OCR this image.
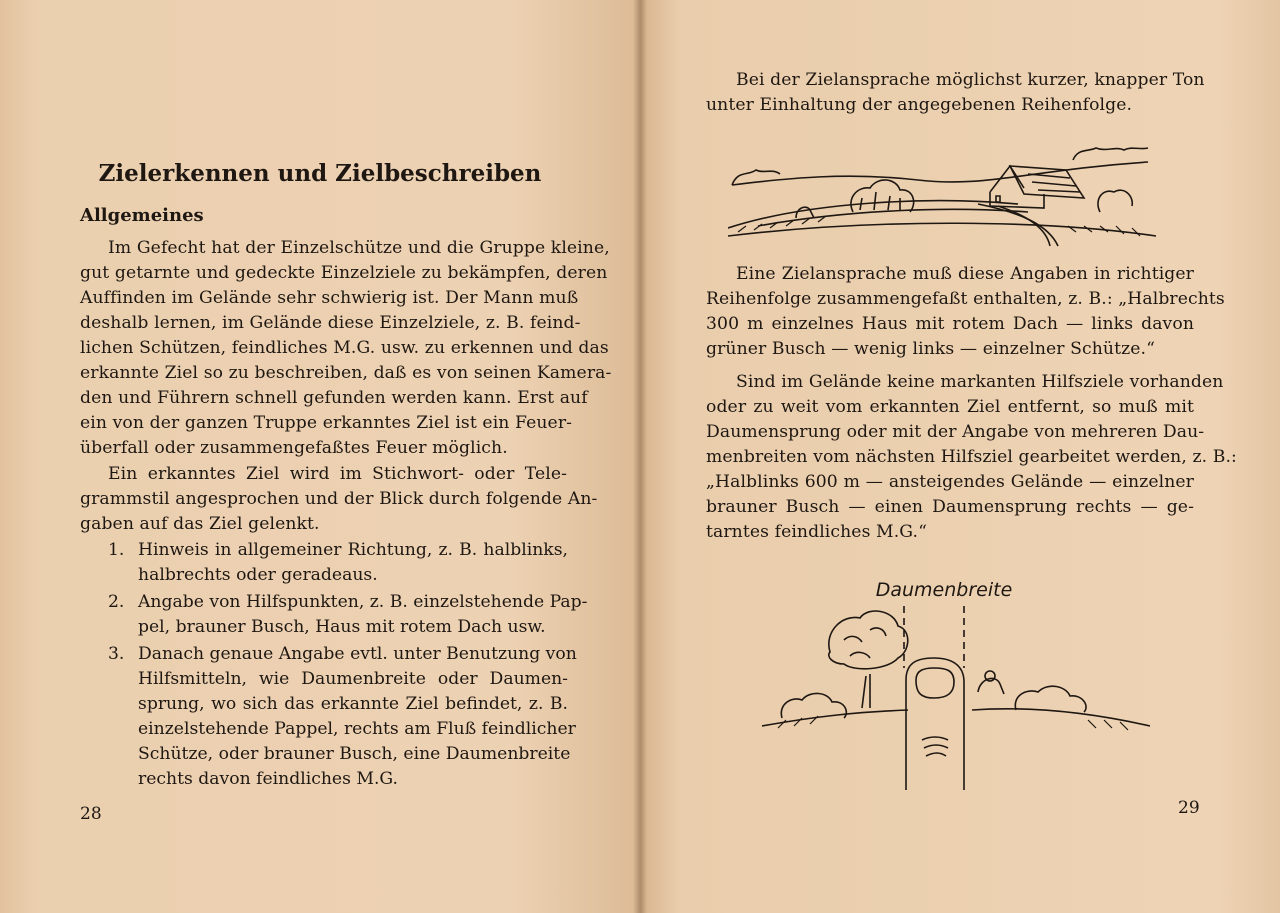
Zielerkennen und Zielbeschreiben
Allgemeines
Im Gefecht hat der Einzelschütze und die Gruppe kleine,
gut getarnte und gedeckte Einzelziele zu bekämpfen, deren
Auffinden im Gelände sehr schwierig ist. Der Mann muß
deshalb lernen, im Gelände diese Einzelziele, z. B. feind-
lichen Schützen, feindliches M.G. usw. zu erkennen und das
erkannte Ziel so zu beschreiben, daß es von seinen Kamera-
den und Führern schnell gefunden werden kann. Erst auf
ein von der ganzen Truppe erkanntes Ziel ist ein Feuer-
überfall oder zusammengefaßtes Feuer möglich.
Ein erkanntes Ziel wird im Stichwort- oder Tele-
grammstil angesprochen und der Blick durch folgende An-
gaben auf das Ziel gelenkt.
1. Hinweis in allgemeiner Richtung, z. B. halblinks,
halbrechts oder geradeaus.
2. Angabe von Hilfspunkten, z. B. einzelstehende Pap-
pel, brauner Busch, Haus mit rotem Dach usw.
3. Danach genaue Angabe evtl. unter Benutzung von
Hilfsmitteln, wie Daumenbreite oder Daumen-
sprung, wo sich das erkannte Ziel befindet, z. B.
einzelstehende Pappel, rechts am Fluß feindlicher
Schütze, oder brauner Busch, eine Daumenbreite
rechts davon feindliches M.G.
28
Bei der Zielansprache möglichst kurzer, knapper Ton
unter Einhaltung der angegebenen Reihenfolge.
Eine Zielansprache muß diese Angaben in richtiger
Reihenfolge zusammengefaßt enthalten, z. B.: „Halbrechts
300 m einzelnes Haus mit rotem Dach — links davon
grüner Busch — wenig links — einzelner Schütze.“
Sind im Gelände keine markanten Hilfsziele vorhanden
oder zu weit vom erkannten Ziel entfernt, so muß mit
Daumensprung oder mit der Angabe von mehreren Dau-
menbreiten vom nächsten Hilfsziel gearbeitet werden, z. B.:
„Halblinks 600 m — ansteigendes Gelände — einzelner
brauner Busch — einen Daumensprung rechts — ge-
tarntes feindliches M.G.“
Daumenbreite
29
